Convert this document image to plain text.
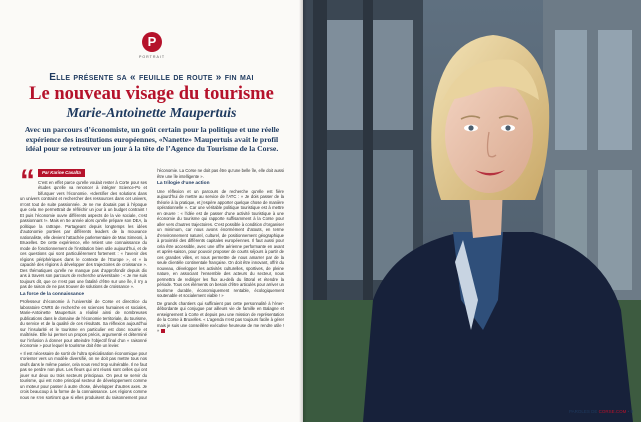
P
PORTRAIT
Elle présente sa « feuille de route » fin mai
Le nouveau visage du tourisme
Marie-Antoinette Maupertuis
Avec un parcours d’économiste, un goût certain pour la politique et une réelle expérience des institutions européennes, «Nanette» Maupertuis avait le profil idéal pour se retrouver un jour à la tête de l’Agence du Tourisme de la Corse.
“ Par Karine Casalta

C’est en effet parce qu’elle voulait rester à Corte pour ses études qu’elle va renoncer à intégrer Science-Po et bifurquer vers l’économie. «Identifier des solutions dans un univers contraint et rechercher des ressources dans cet univers, m’ont tout de suite passionnée. Je ne me doutais pas à l’époque que cela me permettrait de réfléchir un jour à un budget contraint ! Et puis l’économie ouvre différents aspects de la vie sociale, c’est passionnant !». Mais en 5e année alors qu’elle prépare son DEA, la politique la rattrape. Partageant depuis longtemps les idées d’autonomie portées par différents leaders de la mouvance nationaliste, elle devient l’attachée parlementaire de Max Simeoni, à Bruxelles. De cette expérience, elle retient une connaissance du mode de fonctionnement de l’institution bien utile aujourd’hui, et de ces questions qui sont particulièrement fortement : « l’avenir des régions périphériques dans le contexte de l’Europe », et « la capacité des régions à développer des trajectoires de croissance ». Des thématiques qu’elle ne manque pas d’approfondir depuis dix ans à travers son parcours de recherche universitaire : « Je me suis toujours dit, que ce n’est pas une fatalité d’être sur une île, il n’y a pas de raison de ne pas trouver de solutions de croissance ».

La force de la connaissance

Professeur d’économie à l’université de Corse et directrice du laboratoire CNRS de recherche en sciences humaines et sociales, Marie-Antoinette Maupertuis a réalisé ainsi de nombreuses publications dans le domaine de l’économie territoriale, du tourisme, du service et de la qualité de ces résultats. Sa réflexion aujourd’hui sur l’insularité et le tourisme en particulier est donc nourrie et maîtrisée. Elle lui permet un propos précis, argumenté et déterminé sur l’infusion à donner pour atteindre l’objectif final d’un « raisonné économie » pour lequel le tourisme doit être un levier.

« Il est nécessaire de sortir de l’ultra spécialisation économique pour s’orienter vers un modèle diversifié, on ne doit pas mettre tous nos œufs dans le même panier, cela nous rend trop vulnérable. Il ne faut pas se perdre non plus. Les fleurs qui ont réussi sont celles qui ont jouer sur deux ou trois secteurs principaux. On peut se servir du tourisme, qui est notre principal secteur de développement comme un moteur pour passer à autre chose, développer d’autres axes. Je crois beaucoup à la forme de la connaissance. Les régions comme nous ne s’en sortiront que si elles produisent du raisonnement pour l’économie. La Corse ne doit pas être qu’une belle île, elle doit aussi être une île intelligente ».

La trilogie d’une action

Une réflexion et un parcours de recherche qu’elle est fière aujourd’hui de mettre au service de l’ATC : « Je dois passer de la théorie à la pratique, et j’espère apporter quelque chose de manière opérationnelle ». Car une véritable politique touristique est à mettre en œuvre : « l’idée est de passer d’une activité touristique à une économie du tourisme qui rapporte suffisamment à la Corse pour aller vers d’autres trajectoires. C’est possible à condition d’organiser un minimum, car nous avons énormément d’atouts, en terme d’environnement naturel, culturel, de positionnement géographique à proximité des différents capitales européennes. Il faut aussi pour cela être accessible, avec une offre aérienne performante en avant et après-saison, pour pouvoir proposer de courts séjours à partir de ces grandes villes, et nous permettre de nous amarrer par de la seule clientèle continentale française. On doit être innovant, offrir du nouveau, développer les activités culturelles, sportives, de pleine nature, en associant l’ensemble des acteurs du secteur, nous permettra de rediriger les flux au-delà du littoral et étendre la période. Tous ces éléments on besoin d’être articulés pour arriver un tourisme durable, économiquement rentable, écologiquement soutenable et socialement viable ! »

De grands chantiers qui suffiraient pas cette personnalité à l’éner- débordante qui conjugue par ailleurs vie de famille en Balagne et enseignement à Corte et depuis peu une mission de représentation de la Corse à Bruxelles. « L’agenda n’est pas toujours facile à gérer mais je suis une conseillère exécutive heureuse de me rendre utile ! »

PAROLES DE CORSE.COM • 9
